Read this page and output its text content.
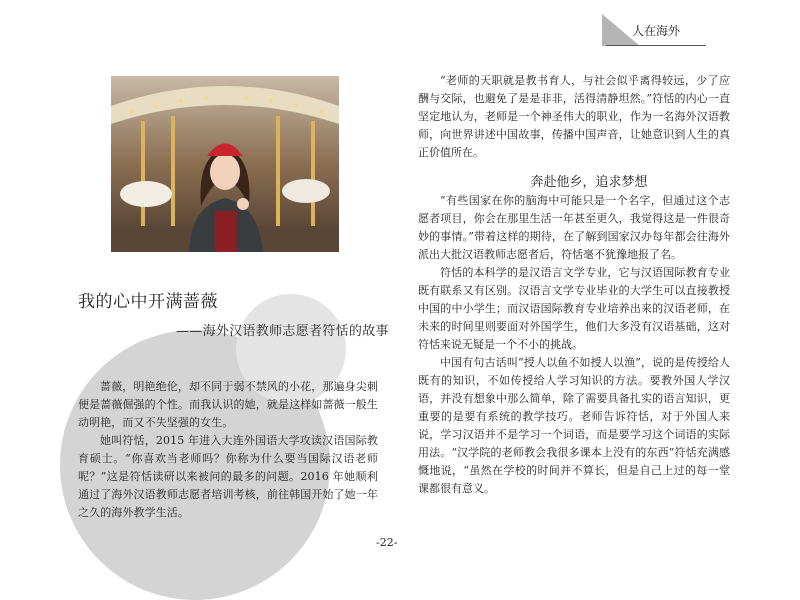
人在海外
我的心中开满蔷薇
——海外汉语教师志愿者符恬的故事

蔷薇，明艳绝伦，却不同于弱不禁风的小花，那遍身尖刺便是蔷薇倔强的个性。而我认识的她，就是这样如蔷薇一般生动明艳，而又不失坚强的女生。

她叫符恬，2015 年进入大连外国语大学攻读汉语国际教育硕士。“你喜欢当老师吗？你称为什么要当国际汉语老师呢？”这是符恬读研以来被问的最多的问题。2016 年她顺利通过了海外汉语教师志愿者培训考核，前往韩国开始了她一年之久的海外教学生活。

“老师的天职就是教书育人，与社会似乎离得较远，少了应酬与交际，也避免了是是非非，活得清静坦然。”符恬的内心一直坚定地认为，老师是一个神圣伟大的职业，作为一名海外汉语教师，向世界讲述中国故事，传播中国声音，让她意识到人生的真正价值所在。

奔赴他乡，追求梦想

“有些国家在你的脑海中可能只是一个名字，但通过这个志愿者项目，你会在那里生活一年甚至更久，我觉得这是一件很奇妙的事情。”带着这样的期待，在了解到国家汉办每年都会往海外派出大批汉语教师志愿者后，符恬毫不犹豫地报了名。

符恬的本科学的是汉语言文学专业，它与汉语国际教育专业既有联系又有区别。汉语言文学专业毕业的大学生可以直接教授中国的中小学生；而汉语国际教育专业培养出来的汉语老师，在未来的时间里则要面对外国学生，他们大多没有汉语基础，这对符恬来说无疑是一个不小的挑战。

中国有句古话叫“授人以鱼不如授人以渔”，说的是传授给人既有的知识，不如传授给人学习知识的方法。要教外国人学汉语，并没有想象中那么简单，除了需要具备扎实的语言知识，更重要的是要有系统的教学技巧。老师告诉符恬，对于外国人来说，学习汉语并不是学习一个词语，而是要学习这个词语的实际用法。“汉学院的老师教会我很多课本上没有的东西”符恬充满感慨地说，“虽然在学校的时间并不算长，但是自己上过的每一堂课都很有意义。

-22-
